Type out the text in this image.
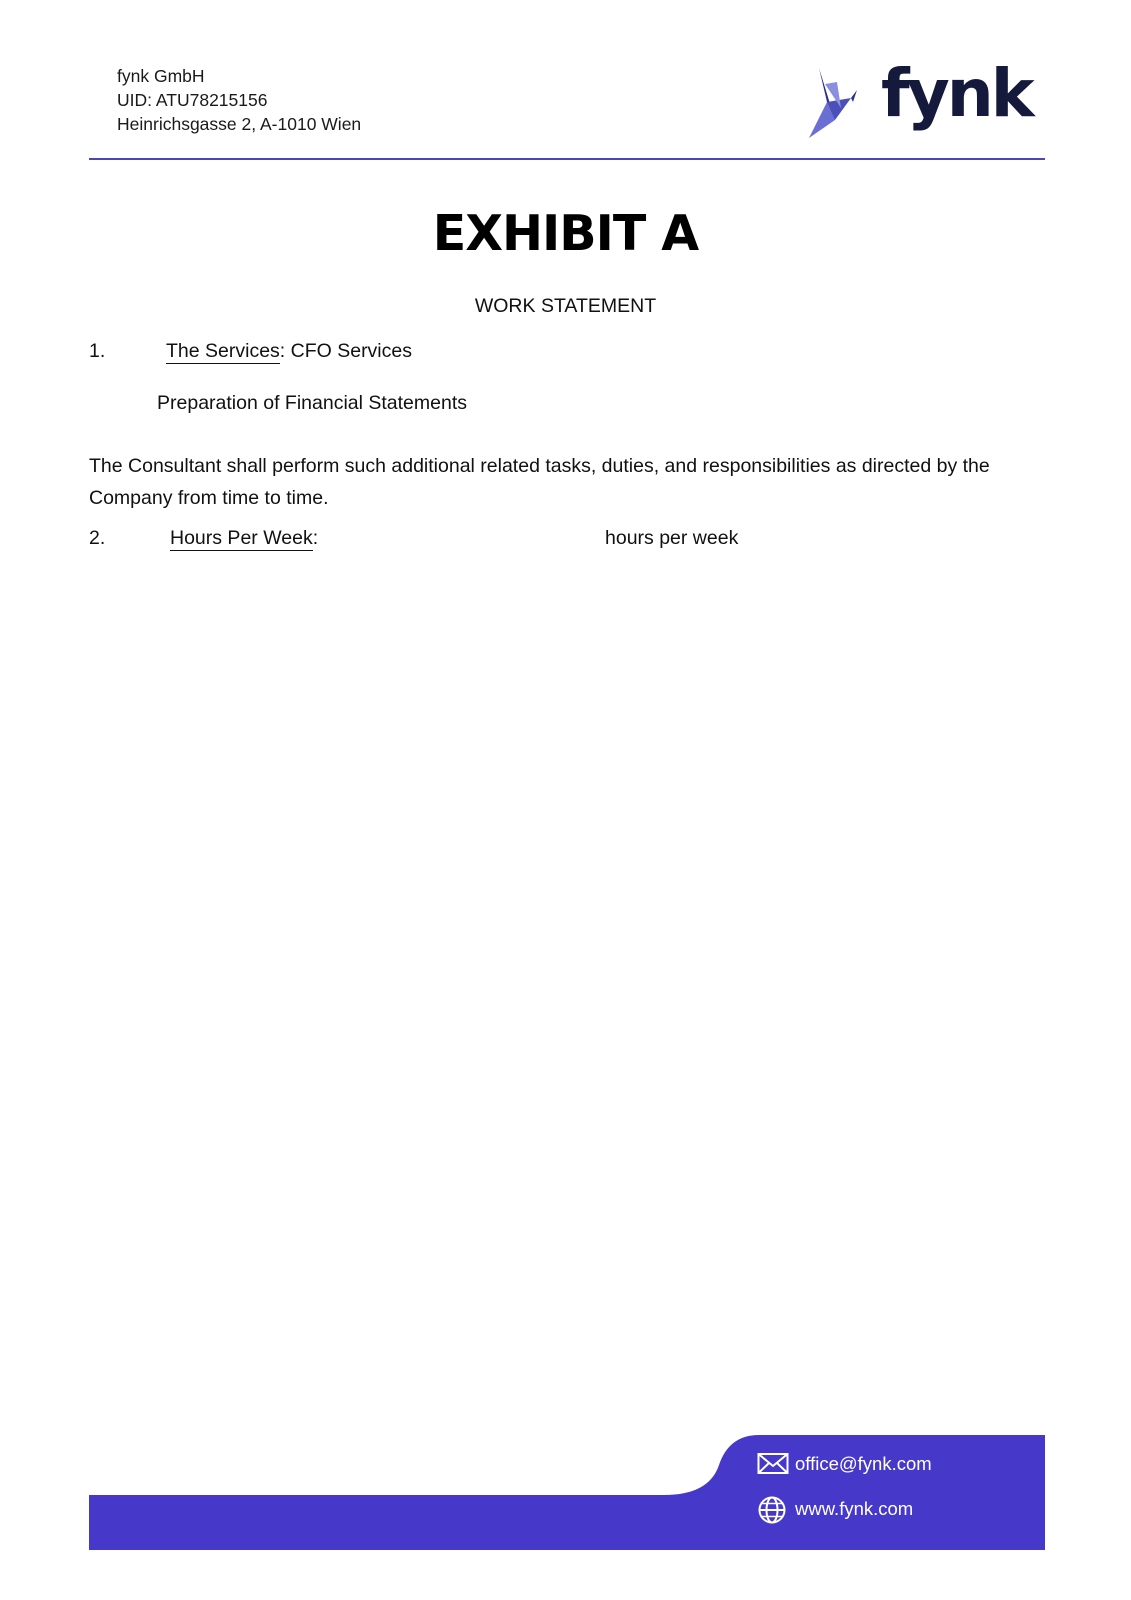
fynk GmbH
UID: ATU78215156
Heinrichsgasse 2, A-1010 Wien	fynk
EXHIBIT A
WORK STATEMENT
1.	The Services: CFO Services
Preparation of Financial Statements
The Consultant shall perform such additional related tasks, duties, and responsibilities as directed by the Company from time to time.
2.	Hours Per Week:	hours per week
office@fynk.com
www.fynk.com
